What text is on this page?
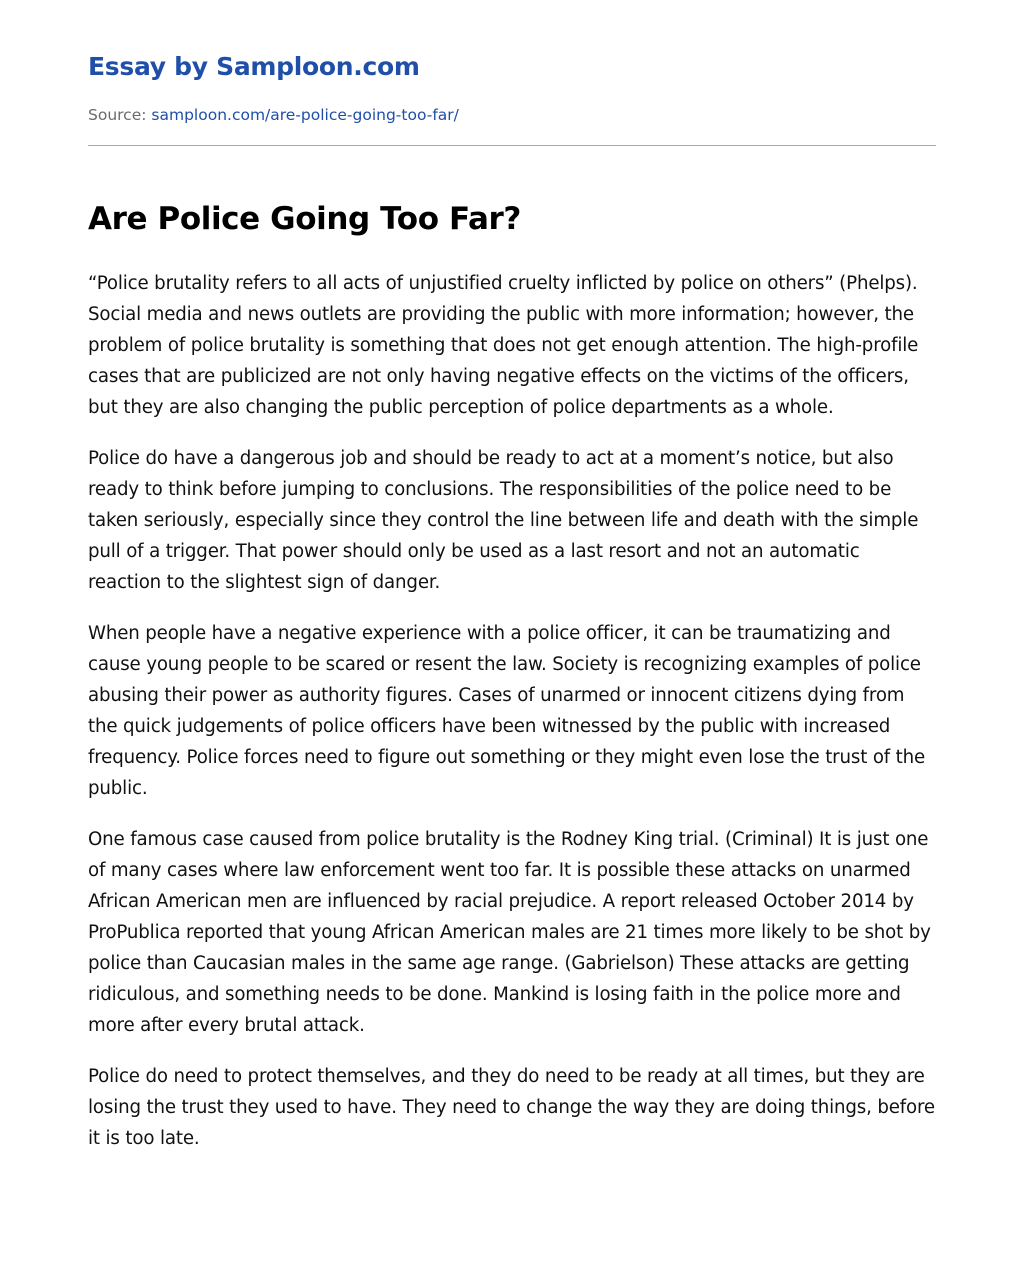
Essay by Samploon.com
Source: samploon.com/are-police-going-too-far/
Are Police Going Too Far?

“Police brutality refers to all acts of unjustified cruelty inflicted by police on others” (Phelps). Social media and news outlets are providing the public with more information; however, the problem of police brutality is something that does not get enough attention. The high-profile cases that are publicized are not only having negative effects on the victims of the officers, but they are also changing the public perception of police departments as a whole.

Police do have a dangerous job and should be ready to act at a moment’s notice, but also ready to think before jumping to conclusions. The responsibilities of the police need to be taken seriously, especially since they control the line between life and death with the simple pull of a trigger. That power should only be used as a last resort and not an automatic reaction to the slightest sign of danger.

When people have a negative experience with a police officer, it can be traumatizing and cause young people to be scared or resent the law. Society is recognizing examples of police abusing their power as authority figures. Cases of unarmed or innocent citizens dying from the quick judgements of police officers have been witnessed by the public with increased frequency. Police forces need to figure out something or they might even lose the trust of the public.

One famous case caused from police brutality is the Rodney King trial. (Criminal) It is just one of many cases where law enforcement went too far. It is possible these attacks on unarmed African American men are influenced by racial prejudice. A report released October 2014 by ProPublica reported that young African American males are 21 times more likely to be shot by police than Caucasian males in the same age range. (Gabrielson) These attacks are getting ridiculous, and something needs to be done. Mankind is losing faith in the police more and more after every brutal attack.

Police do need to protect themselves, and they do need to be ready at all times, but they are losing the trust they used to have. They need to change the way they are doing things, before it is too late.
